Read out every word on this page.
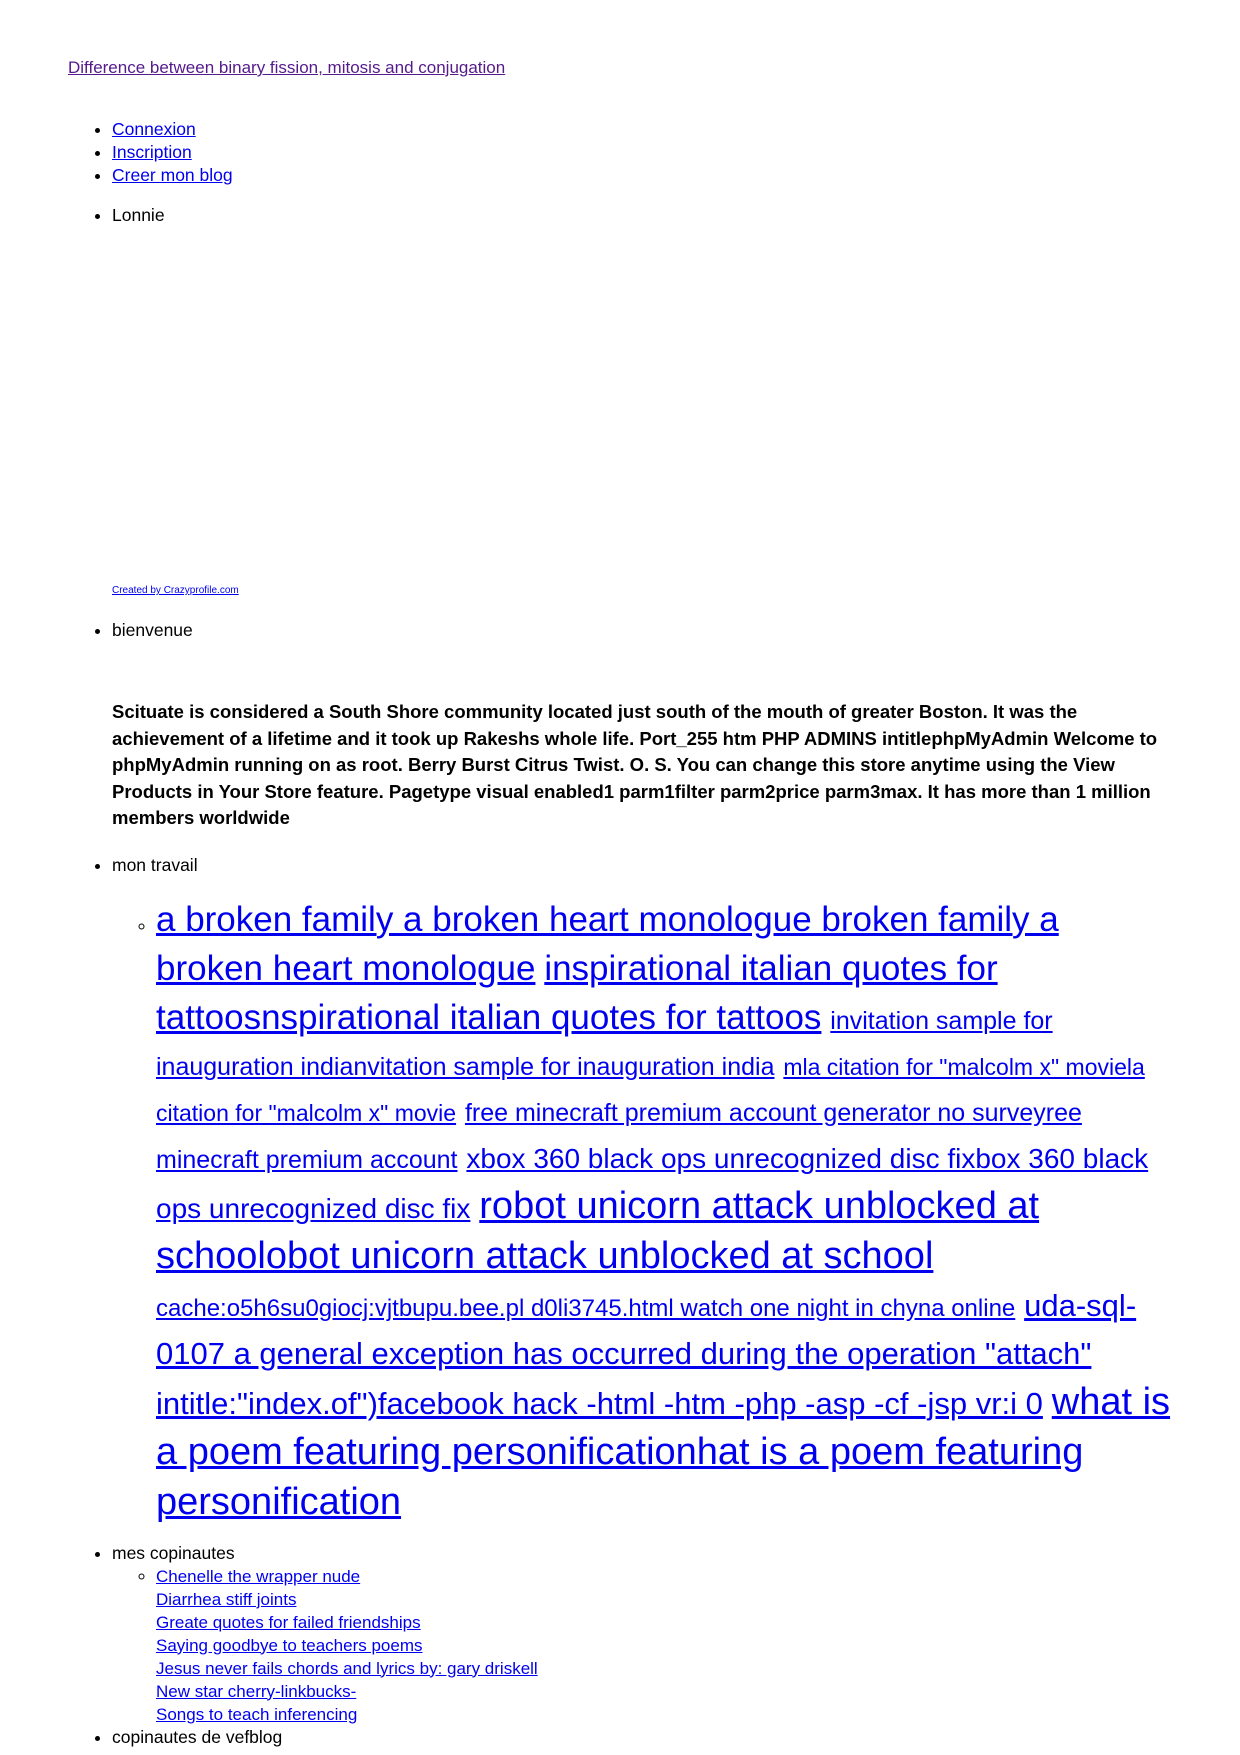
Difference between binary fission, mitosis and conjugation
• Connexion
• Inscription
• Creer mon blog
• Lonnie
Created by Crazyprofile.com
• bienvenue
Scituate is considered a South Shore community located just south of the mouth of greater Boston. It was the achievement of a lifetime and it took up Rakeshs whole life. Port_255 htm PHP ADMINS intitlephpMyAdmin Welcome to phpMyAdmin running on as root. Berry Burst Citrus Twist. O. S. You can change this store anytime using the View Products in Your Store feature. Pagetype visual enabled1 parm1filter parm2price parm3max. It has more than 1 million members worldwide
• mon travail
◦ a broken family a broken heart monologue broken family a broken heart monologue inspirational italian quotes for tattoosnspirational italian quotes for tattoos invitation sample for inauguration indianvitation sample for inauguration india mla citation for "malcolm x" moviela citation for "malcolm x" movie free minecraft premium account generator no surveyree minecraft premium account xbox 360 black ops unrecognized disc fixbox 360 black ops unrecognized disc fix robot unicorn attack unblocked at schoolobot unicorn attack unblocked at school cache:o5h6su0giocj:vjtbupu.bee.pl d0li3745.html watch one night in chyna online uda-sql-0107 a general exception has occurred during the operation "attach" intitle:"index.of")facebook hack -html -htm -php -asp -cf -jsp vr:i 0 what is a poem featuring personificationhat is a poem featuring personification
• mes copinautes
◦ Chenelle the wrapper nude
Diarrhea stiff joints
Greate quotes for failed friendships
Saying goodbye to teachers poems
Jesus never fails chords and lyrics by: gary driskell
New star cherry-linkbucks-
Songs to teach inferencing
• copinautes de vefblog
